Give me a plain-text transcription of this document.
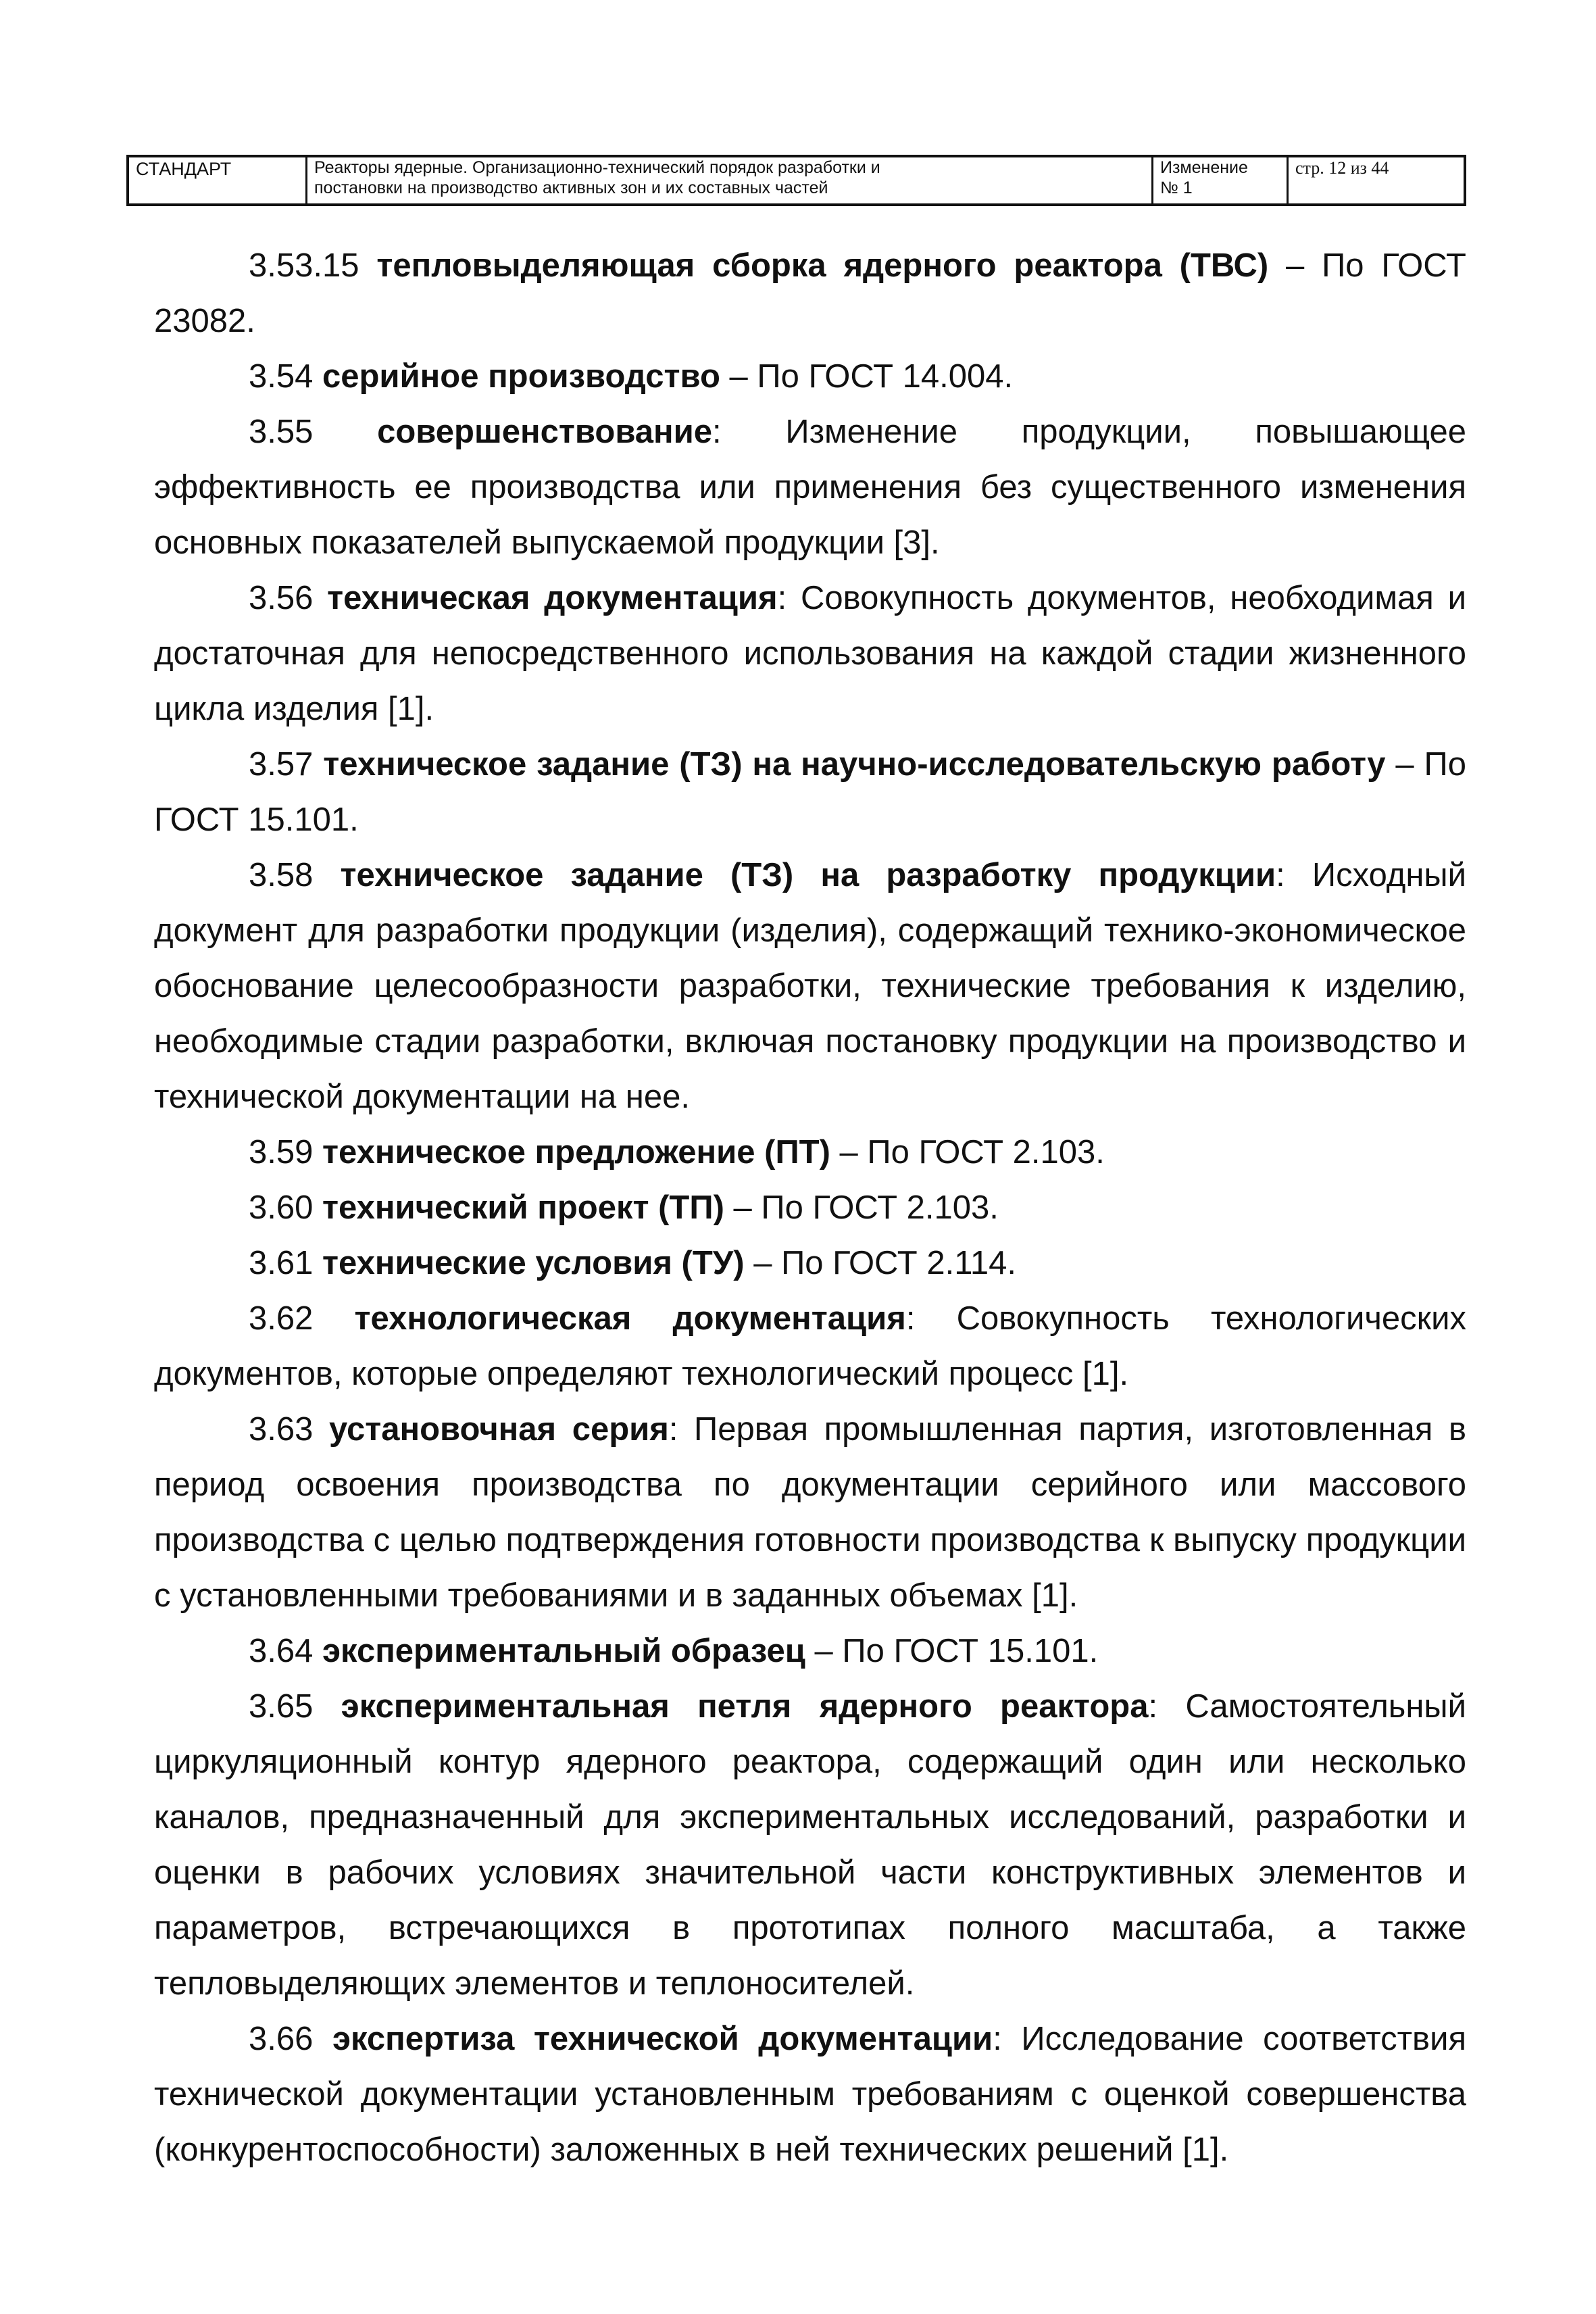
СТАНДАРТ	Реакторы ядерные. Организационно-технический порядок разработки и
постановки на производство активных зон и их составных частей
Изменение
№ 1
стр. 12 из 44

3.53.15 тепловыделяющая сборка ядерного реактора (ТВС) – По ГОСТ 23082.

3.54 серийное производство – По ГОСТ 14.004.

3.55 совершенствование: Изменение продукции, повышающее эффективность ее производства или применения без существенного изменения основных показателей выпускаемой продукции [3].

3.56 техническая документация: Совокупность документов, необходимая и достаточная для непосредственного использования на каждой стадии жизненного цикла изделия [1].

3.57 техническое задание (ТЗ) на научно-исследовательскую работу – По ГОСТ 15.101.

3.58 техническое задание (ТЗ) на разработку продукции: Исходный документ для разработки продукции (изделия), содержащий технико-экономическое обоснование целесообразности разработки, технические требования к изделию, необходимые стадии разработки, включая постановку продукции на производство и технической документации на нее.

3.59 техническое предложение (ПТ) – По ГОСТ 2.103.

3.60 технический проект (ТП) – По ГОСТ 2.103.

3.61 технические условия (ТУ) – По ГОСТ 2.114.

3.62 технологическая документация: Совокупность технологических документов, которые определяют технологический процесс [1].

3.63 установочная серия: Первая промышленная партия, изготовленная в период освоения производства по документации серийного или массового производства с целью подтверждения готовности производства к выпуску продукции с установленными требованиями и в заданных объемах [1].

3.64 экспериментальный образец – По ГОСТ 15.101.

3.65 экспериментальная петля ядерного реактора: Самостоятельный циркуляционный контур ядерного реактора, содержащий один или несколько каналов, предназначенный для экспериментальных исследований, разработки и оценки в рабочих условиях значительной части конструктивных элементов и параметров, встречающихся в прототипах полного масштаба, а также тепловыделяющих элементов и теплоносителей.

3.66 экспертиза технической документации: Исследование соответствия технической документации установленным требованиям с оценкой совершенства (конкурентоспособности) заложенных в ней технических решений [1].
